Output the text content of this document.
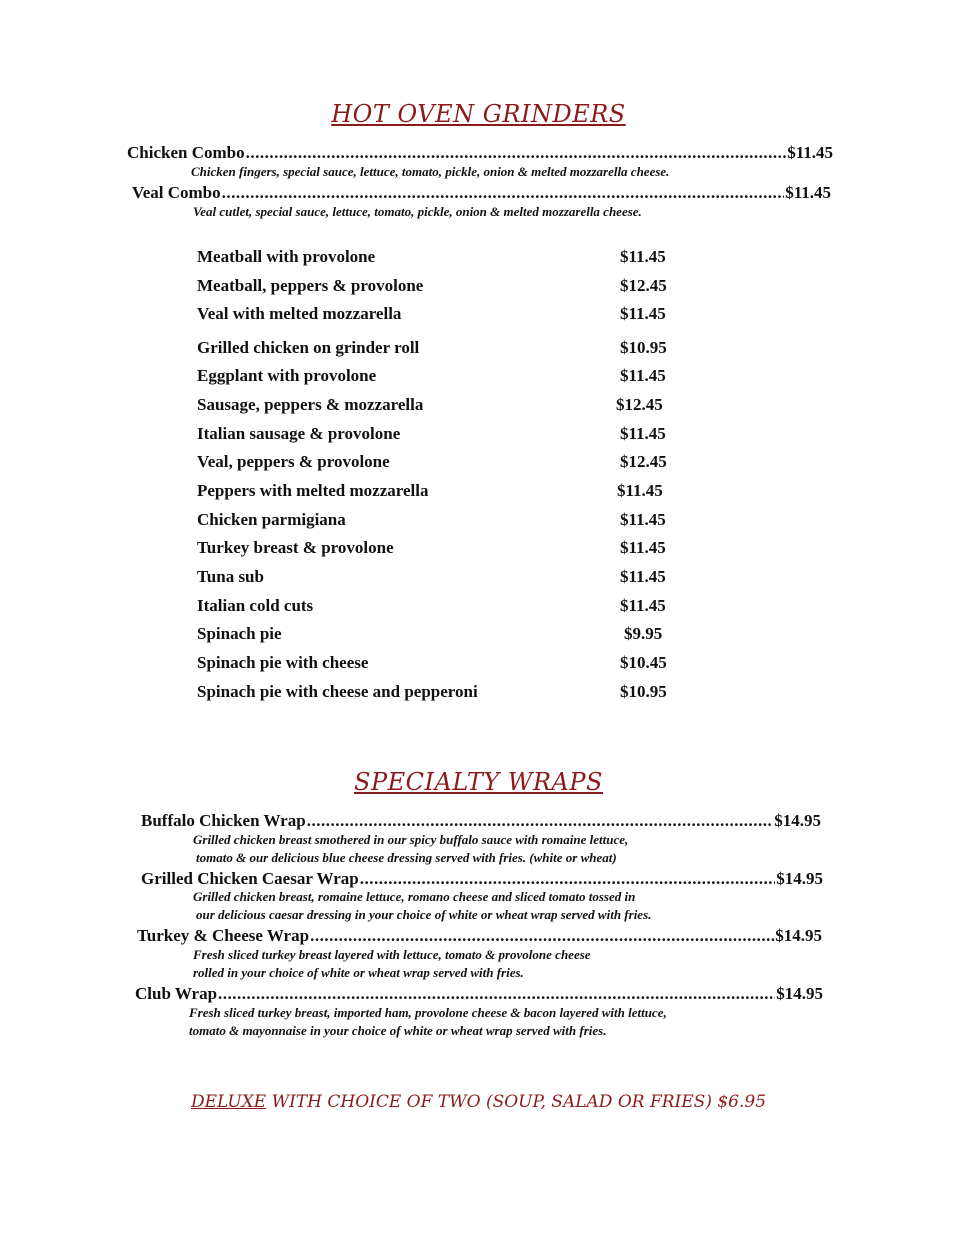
HOT OVEN GRINDERS
Chicken Combo .....	$11.45
Chicken fingers, special sauce, lettuce, tomato, pickle, onion & melted mozzarella cheese.
Veal Combo .....	$11.45
Veal cutlet, special sauce, lettuce, tomato, pickle, onion & melted mozzarella cheese.
Meatball with provolone	$11.45
Meatball, peppers & provolone	$12.45
Veal with melted mozzarella	$11.45
Grilled chicken on grinder roll	$10.95
Eggplant with provolone	$11.45
Sausage, peppers & mozzarella	$12.45
Italian sausage & provolone	$11.45
Veal, peppers & provolone	$12.45
Peppers with melted mozzarella	$11.45
Chicken parmigiana	$11.45
Turkey breast & provolone	$11.45
Tuna sub	$11.45
Italian cold cuts	$11.45
Spinach pie	$9.95
Spinach pie with cheese	$10.45
Spinach pie with cheese and pepperoni	$10.95
SPECIALTY WRAPS
Buffalo Chicken Wrap .....	$14.95
Grilled chicken breast smothered in our spicy buffalo sauce with romaine lettuce,
tomato & our delicious blue cheese dressing served with fries. (white or wheat)
Grilled Chicken Caesar Wrap .....	$14.95
Grilled chicken breast, romaine lettuce, romano cheese and sliced tomato tossed in
our delicious caesar dressing in your choice of white or wheat wrap served with fries.
Turkey & Cheese Wrap .....	$14.95
Fresh sliced turkey breast layered with lettuce, tomato & provolone cheese
rolled in your choice of white or wheat wrap served with fries.
Club Wrap .....	$14.95
Fresh sliced turkey breast, imported ham, provolone cheese & bacon layered with lettuce,
tomato & mayonnaise in your choice of white or wheat wrap served with fries.
DELUXE WITH CHOICE OF TWO (SOUP, SALAD OR FRIES) $6.95
